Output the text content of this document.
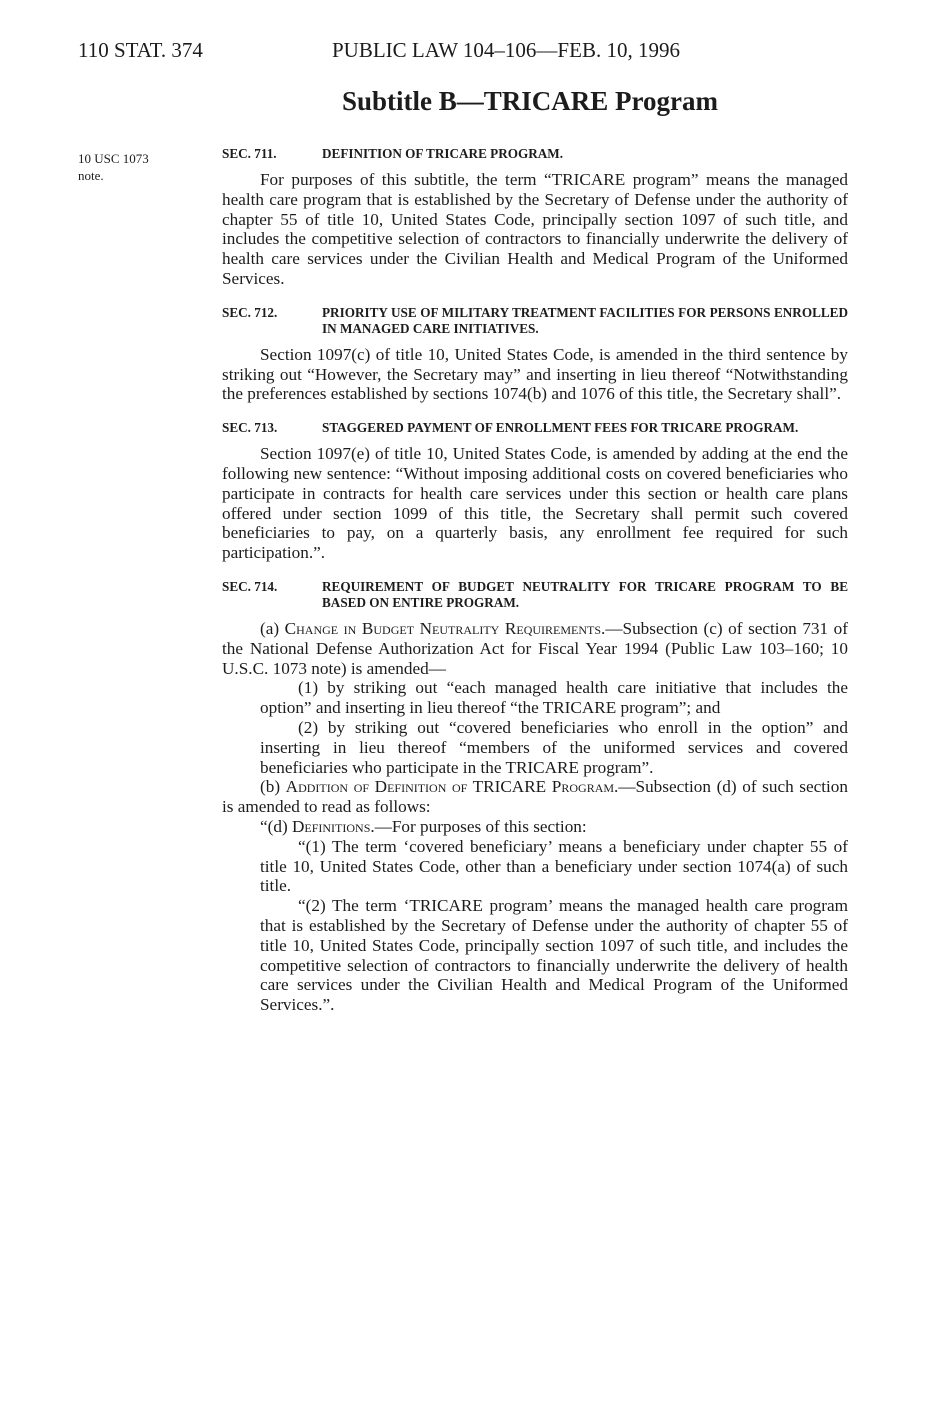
110 STAT. 374	PUBLIC LAW 104–106—FEB. 10, 1996
Subtitle B—TRICARE Program
10 USC 1073
note.

SEC. 711.	DEFINITION OF TRICARE PROGRAM.

For purposes of this subtitle, the term “TRICARE program” means the managed health care program that is established by the Secretary of Defense under the authority of chapter 55 of title 10, United States Code, principally section 1097 of such title, and includes the competitive selection of contractors to financially underwrite the delivery of health care services under the Civilian Health and Medical Program of the Uniformed Services.

SEC. 712.	PRIORITY USE OF MILITARY TREATMENT FACILITIES FOR PERSONS ENROLLED IN MANAGED CARE INITIATIVES.

Section 1097(c) of title 10, United States Code, is amended in the third sentence by striking out “However, the Secretary may” and inserting in lieu thereof “Notwithstanding the preferences established by sections 1074(b) and 1076 of this title, the Secretary shall”.

SEC. 713.	STAGGERED PAYMENT OF ENROLLMENT FEES FOR TRICARE PROGRAM.

Section 1097(e) of title 10, United States Code, is amended by adding at the end the following new sentence: “Without imposing additional costs on covered beneficiaries who participate in contracts for health care services under this section or health care plans offered under section 1099 of this title, the Secretary shall permit such covered beneficiaries to pay, on a quarterly basis, any enrollment fee required for such participation.”.

SEC. 714.	REQUIREMENT OF BUDGET NEUTRALITY FOR TRICARE PROGRAM TO BE BASED ON ENTIRE PROGRAM.

(a) Change in Budget Neutrality Requirements.—Subsection (c) of section 731 of the National Defense Authorization Act for Fiscal Year 1994 (Public Law 103–160; 10 U.S.C. 1073 note) is amended—

(1) by striking out “each managed health care initiative that includes the option” and inserting in lieu thereof “the TRICARE program”; and

(2) by striking out “covered beneficiaries who enroll in the option” and inserting in lieu thereof “members of the uniformed services and covered beneficiaries who participate in the TRICARE program”.

(b) Addition of Definition of TRICARE Program.—Subsection (d) of such section is amended to read as follows:

“(d) Definitions.—For purposes of this section:

“(1) The term ‘covered beneficiary’ means a beneficiary under chapter 55 of title 10, United States Code, other than a beneficiary under section 1074(a) of such title.

“(2) The term ‘TRICARE program’ means the managed health care program that is established by the Secretary of Defense under the authority of chapter 55 of title 10, United States Code, principally section 1097 of such title, and includes the competitive selection of contractors to financially underwrite the delivery of health care services under the Civilian Health and Medical Program of the Uniformed Services.”.
